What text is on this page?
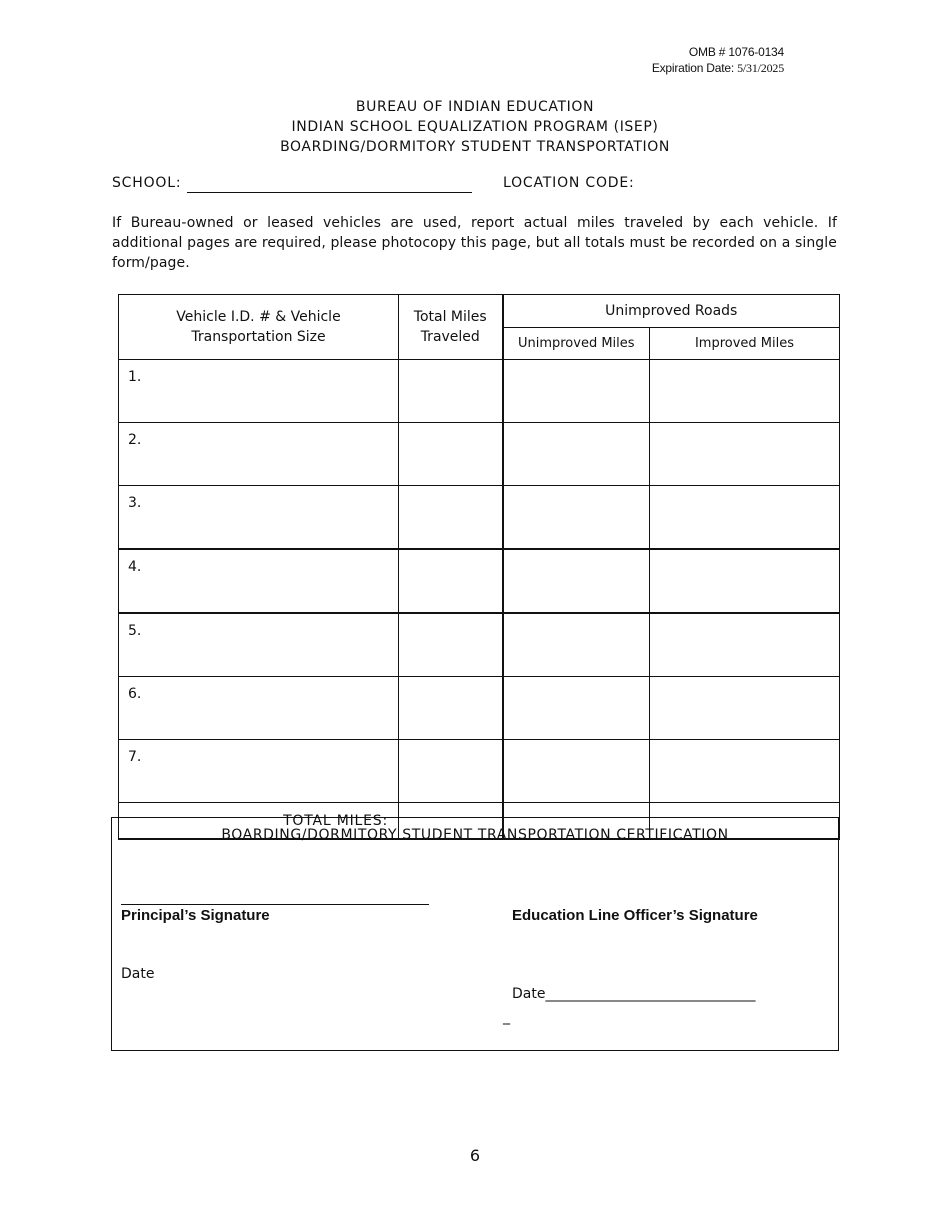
OMB # 1076-0134
Expiration Date: 5/31/2025
BUREAU OF INDIAN EDUCATION
INDIAN SCHOOL EQUALIZATION PROGRAM (ISEP)
BOARDING/DORMITORY STUDENT TRANSPORTATION
SCHOOL:	LOCATION CODE:
If Bureau-owned or leased vehicles are used, report actual miles traveled by each vehicle. If additional pages are required, please photocopy this page, but all totals must be recorded on a single form/page.
Vehicle I.D. # & Vehicle Transportation Size	Total Miles Traveled	Unimproved Roads	
		Unimproved Miles	Improved Miles
1.			
2.			
3.			
4.			
5.			
6.			
7.			
TOTAL MILES:			
BOARDING/DORMITORY STUDENT TRANSPORTATION CERTIFICATION
Principal’s Signature	Education Line Officer’s Signature
Date
Date______________________________
_
6
